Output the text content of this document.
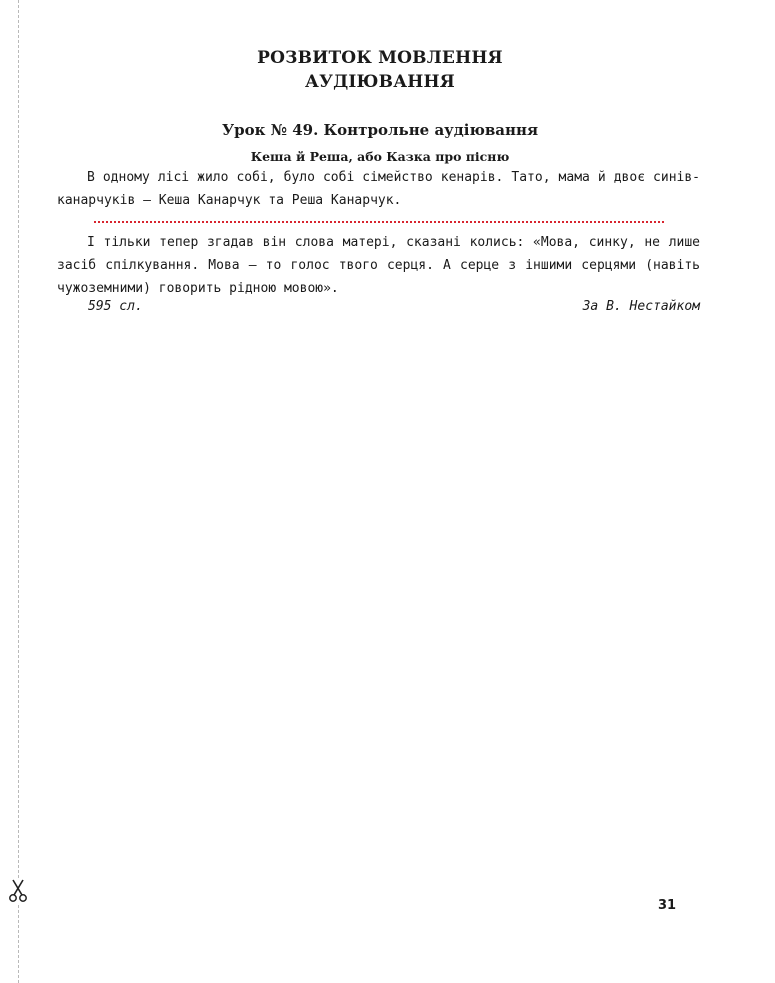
РОЗВИТОК МОВЛЕННЯ
АУДІЮВАННЯ
Урок № 49. Контрольне аудіювання
Кеша й Реша, або Казка про пісню

В одному лісі жило собі, було собі сімейство кенарів. Тато, мама й двоє синів-канарчуків — Кеша Канарчук та Реша Канарчук.

І тільки тепер згадав він слова матері, сказані колись: «Мова, синку, не лише засіб спілкування. Мова — то голос твого серця. А серце з іншими серцями (навіть чужоземними) говорить рідною мовою».

595 сл.	За В. Нестайком

31
